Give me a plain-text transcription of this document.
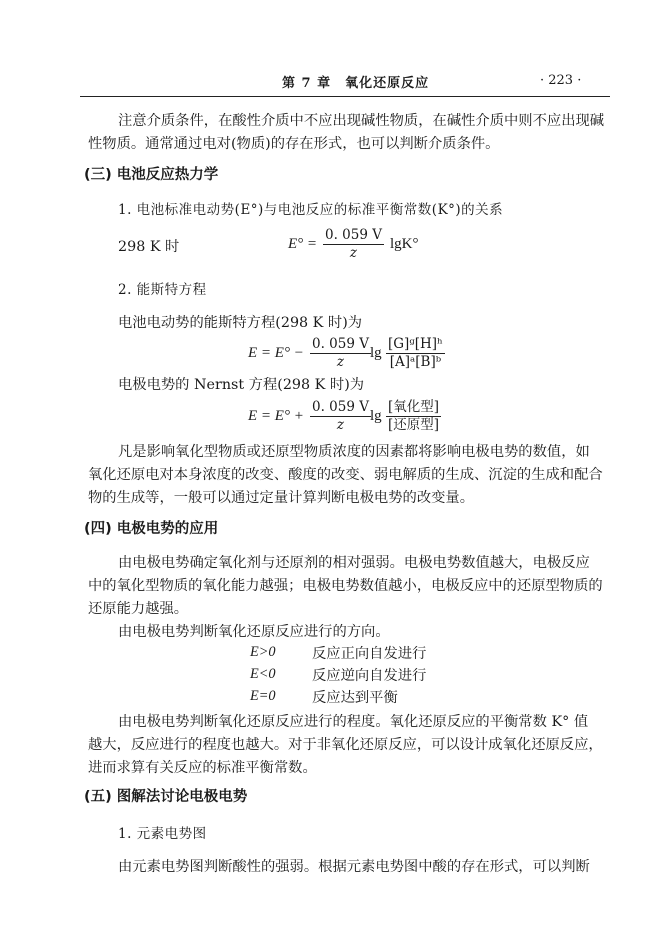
第 7 章　氧化还原反应	· 223 ·
注意介质条件，在酸性介质中不应出现碱性物质，在碱性介质中则不应出现碱
性物质。通常通过电对(物质)的存在形式，也可以判断介质条件。
(三) 电池反应热力学
1. 电池标准电动势(E°)与电池反应的标准平衡常数(K°)的关系
298 K 时	$E^\circ = \frac{0. 059 V}{z} \lg K^\circ$
2. 能斯特方程
电池电动势的能斯特方程(298 K 时)为
$E = E^\circ - \frac{0. 059 V}{z}$ $\lg \frac{\text{[G]ᵍ[H]ʰ}}{\text{[A]ᵃ[B]ᵇ}}$
电极电势的 Nernst 方程(298 K 时)为
$E = E^\circ + \frac{0. 059 V}{z}$ lg
[氧化型]
[还原型]
凡是影响氧化型物质或还原型物质浓度的因素都将影响电极电势的数值，如
氧化还原电对本身浓度的改变、酸度的改变、弱电解质的生成、沉淀的生成和配合
物的生成等，一般可以通过定量计算判断电极电势的改变量。
(四) 电极电势的应用
由电极电势确定氧化剂与还原剂的相对强弱。电极电势数值越大，电极反应
中的氧化型物质的氧化能力越强；电极电势数值越小，电极反应中的还原型物质的
还原能力越强。
由电极电势判断氧化还原反应进行的方向。
E>0	反应正向自发进行
E<0	反应逆向自发进行
E=0	反应达到平衡
由电极电势判断氧化还原反应进行的程度。氧化还原反应的平衡常数 K° 值
越大，反应进行的程度也越大。对于非氧化还原反应，可以设计成氧化还原反应，
进而求算有关反应的标准平衡常数。
(五) 图解法讨论电极电势
1. 元素电势图
由元素电势图判断酸性的强弱。根据元素电势图中酸的存在形式，可以判断
